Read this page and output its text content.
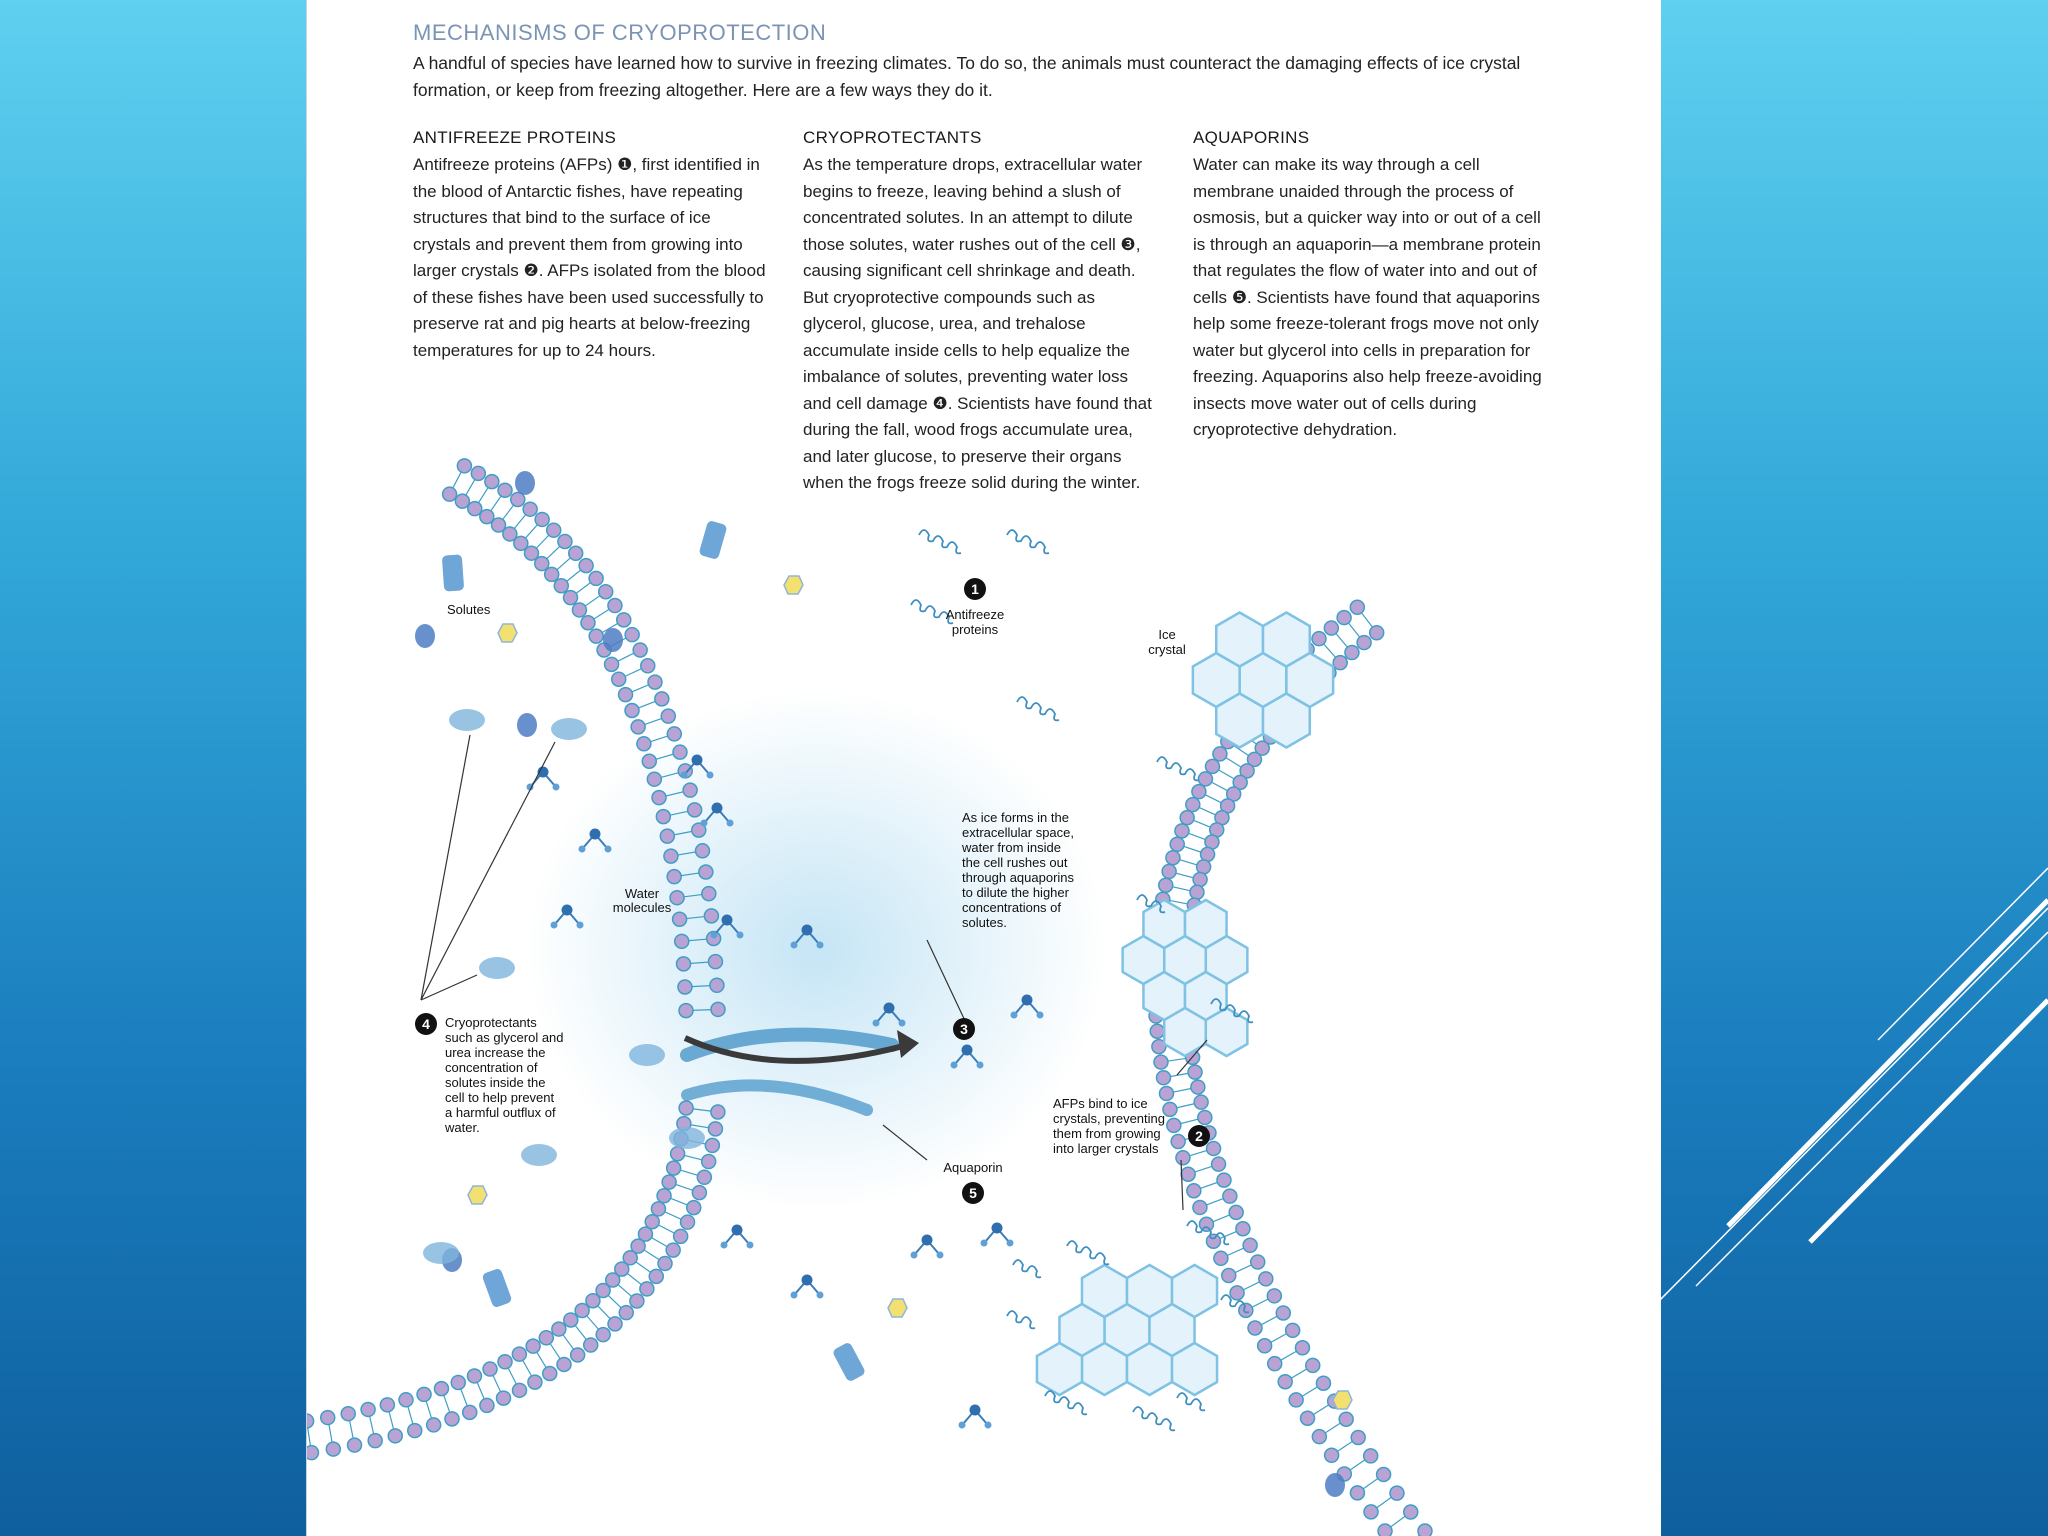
MECHANISMS OF CRYOPROTECTION
A handful of species have learned how to survive in freezing climates. To do so, the animals must counteract the damaging effects of ice crystal formation, or keep from freezing altogether. Here are a few ways they do it.
ANTIFREEZE PROTEINS

Antifreeze proteins (AFPs) ❶, first identified in the blood of Antarctic fishes, have repeating structures that bind to the surface of ice crystals and prevent them from growing into larger crystals ❷. AFPs isolated from the blood of these fishes have been used successfully to preserve rat and pig hearts at below-freezing temperatures for up to 24 hours.

CRYOPROTECTANTS

As the temperature drops, extracellular water begins to freeze, leaving behind a slush of concentrated solutes. In an attempt to dilute those solutes, water rushes out of the cell ❸, causing significant cell shrinkage and death. But cryoprotective compounds such as glycerol, glucose, urea, and trehalose accumulate inside cells to help equalize the imbalance of solutes, preventing water loss and cell damage ❹. Scientists have found that during the fall, wood frogs accumulate urea, and later glucose, to preserve their organs when the frogs freeze solid during the winter.

AQUAPORINS

Water can make its way through a cell membrane unaided through the process of osmosis, but a quicker way into or out of a cell is through an aquaporin—a membrane protein that regulates the flow of water into and out of cells ❺. Scientists have found that aquaporins help some freeze-tolerant frogs move not only water but glycerol into cells in preparation for freezing. Aquaporins also help freeze-avoiding insects move water out of cells during cryoprotective dehydration.

Solutes
1
Antifreeze
proteins	Ice
crystal
Water
molecules
As ice forms in the
extracellular space,
water from inside
the cell rushes out
through aquaporins
to dilute the higher
concentrations of
solutes.
3
4 Cryoprotectants
such as glycerol and
urea increase the
concentration of
solutes inside the
cell to help prevent
a harmful outflux of
water.
AFPs bind to ice
crystals, preventing
them from growing
into larger crystals
2
Aquaporin
5
